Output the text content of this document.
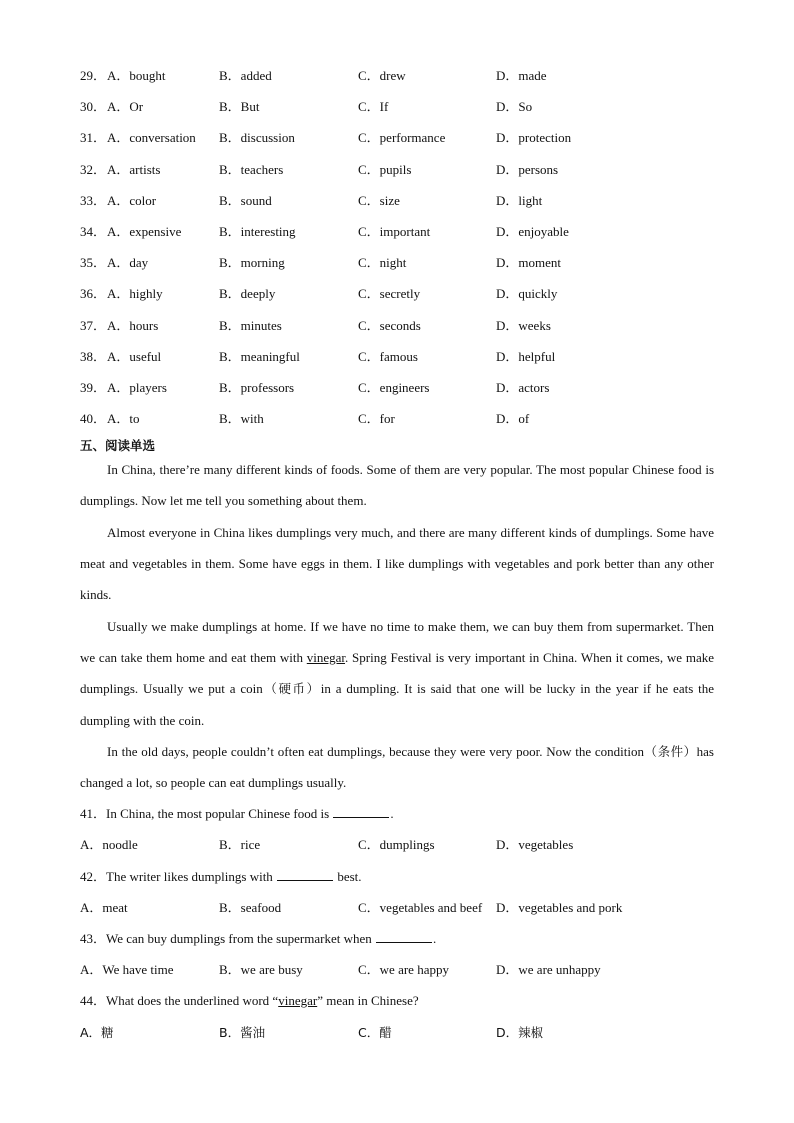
29． A．bought	B．added	C．drew	D．made
30． A．Or	B．But	C．If	D．So
31． A．conversation B．discussion	C．performance	D．protection
32． A．artists	B．teachers	C．pupils	D．persons
33． A．color	B．sound	C．size	D．light
34． A．expensive	B．interesting	C．important	D．enjoyable
35． A．day	B．morning	C．night	D．moment
36． A．highly	B．deeply	C．secretly	D．quickly
37． A．hours	B．minutes	C．seconds	D．weeks
38． A．useful	B．meaningful	C．famous	D．helpful
39． A．players	B．professors	C．engineers	D．actors
40． A．to	B．with	C．for	D．of
五、阅读单选
In China, there’re many different kinds of foods. Some of them are very popular. The most popular Chinese food is dumplings. Now let me tell you something about them.
Almost everyone in China likes dumplings very much, and there are many different kinds of dumplings. Some have meat and vegetables in them. Some have eggs in them. I like dumplings with vegetables and pork better than any other kinds.
Usually we make dumplings at home. If we have no time to make them, we can buy them from supermarket. Then we can take them home and eat them with vinegar. Spring Festival is very important in China. When it comes, we make dumplings. Usually we put a coin（硬币）in a dumpling. It is said that one will be lucky in the year if he eats the dumpling with the coin.
In the old days, people couldn’t often eat dumplings, because they were very poor. Now the condition（条件）has changed a lot, so people can eat dumplings usually.
41．In China, the most popular Chinese food is	.
A．noodle	B．rice	C．dumplings	D．vegetables
42．The writer likes dumplings with	best.
A．meat	B．seafood	C．vegetables and beef D．vegetables and pork
43．We can buy dumplings from the supermarket when	.
A．We have time	B．we are busy	C．we are happy	D．we are unhappy
44．What does the underlined word “vinegar” mean in Chinese?
A．糖	B．酱油	C．醋	D．辣椒
